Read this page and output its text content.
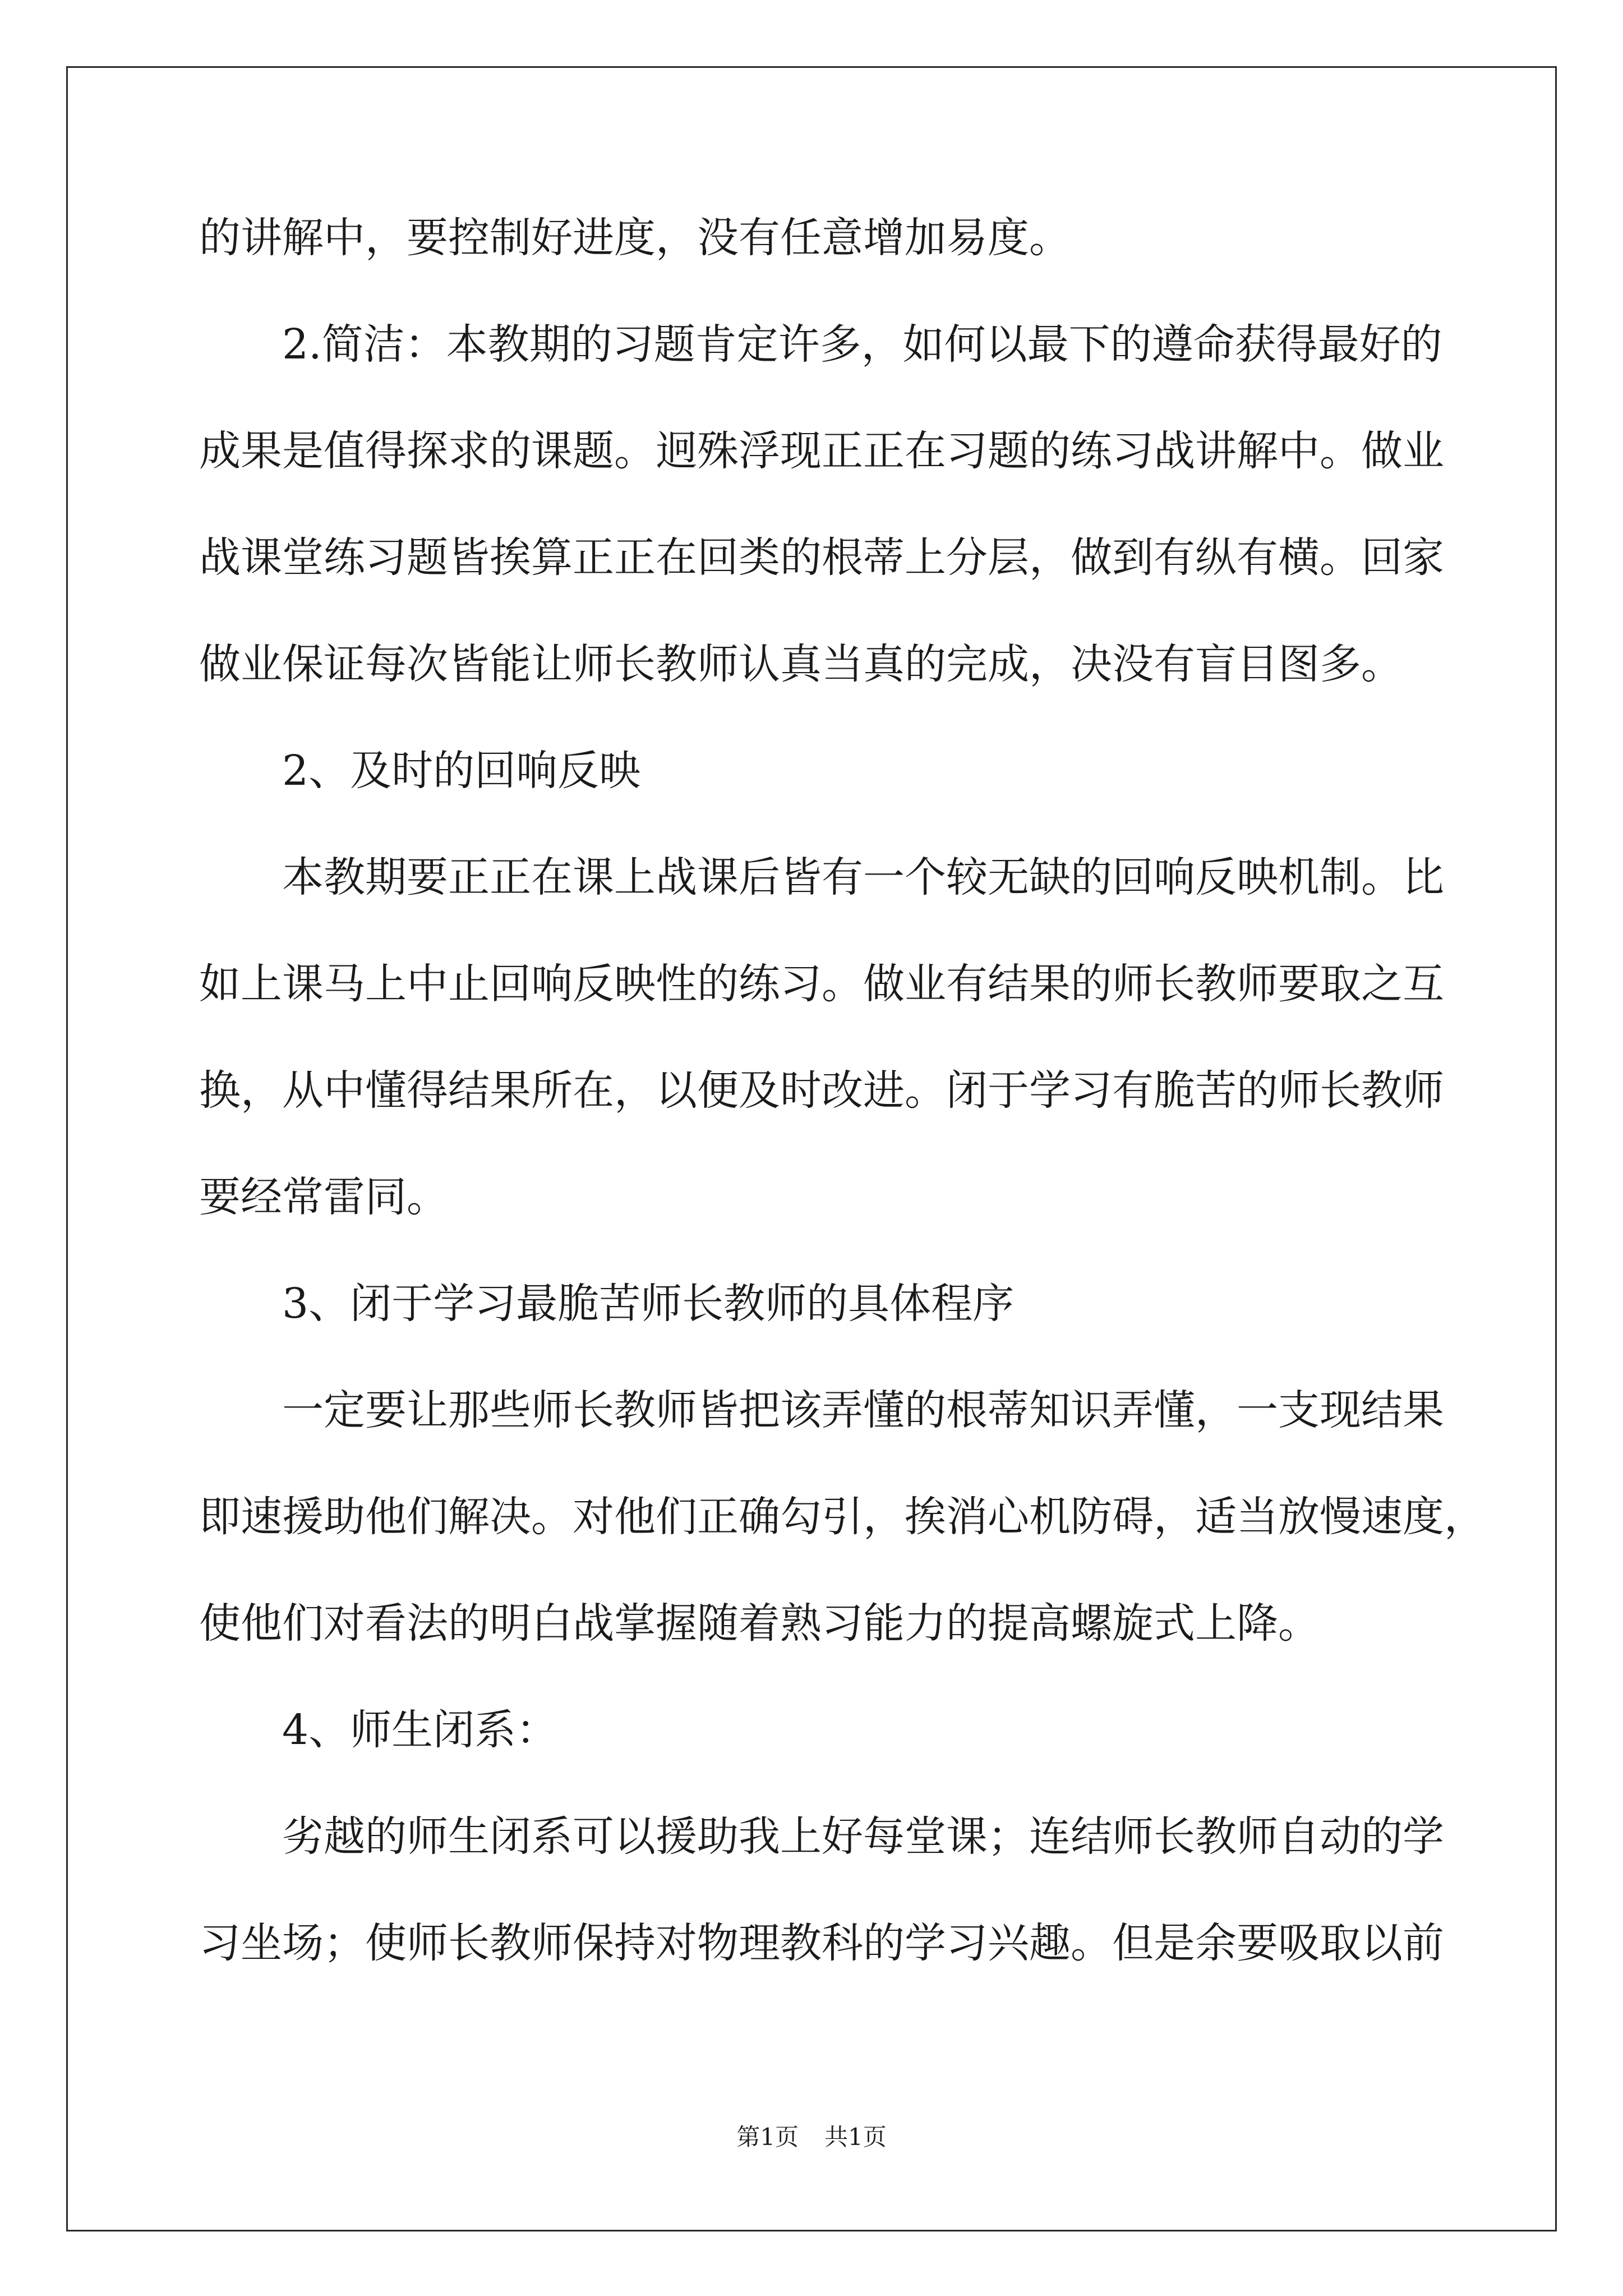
的讲解中，要控制好进度，没有任意增加易度。
2.简洁：本教期的习题肯定许多，如何以最下的遵命获得最好的
成果是值得探求的课题。迥殊浮现正正在习题的练习战讲解中。做业
战课堂练习题皆挨算正正在回类的根蒂上分层，做到有纵有横。回家
做业保证每次皆能让师长教师认真当真的完成，决没有盲目图多。
2、及时的回响反映
本教期要正正在课上战课后皆有一个较无缺的回响反映机制。比
如上课马上中止回响反映性的练习。做业有结果的师长教师要取之互
换，从中懂得结果所在，以便及时改进。闭于学习有脆苦的师长教师
要经常雷同。
3、闭于学习最脆苦师长教师的具体程序
一定要让那些师长教师皆把该弄懂的根蒂知识弄懂，一支现结果
即速援助他们解决。对他们正确勾引，挨消心机防碍，适当放慢速度，
使他们对看法的明白战掌握随着熟习能力的提高螺旋式上降。
4、师生闭系：
劣越的师生闭系可以援助我上好每堂课；连结师长教师自动的学
习坐场；使师长教师保持对物理教科的学习兴趣。但是余要吸取以前
第1页 共1页
